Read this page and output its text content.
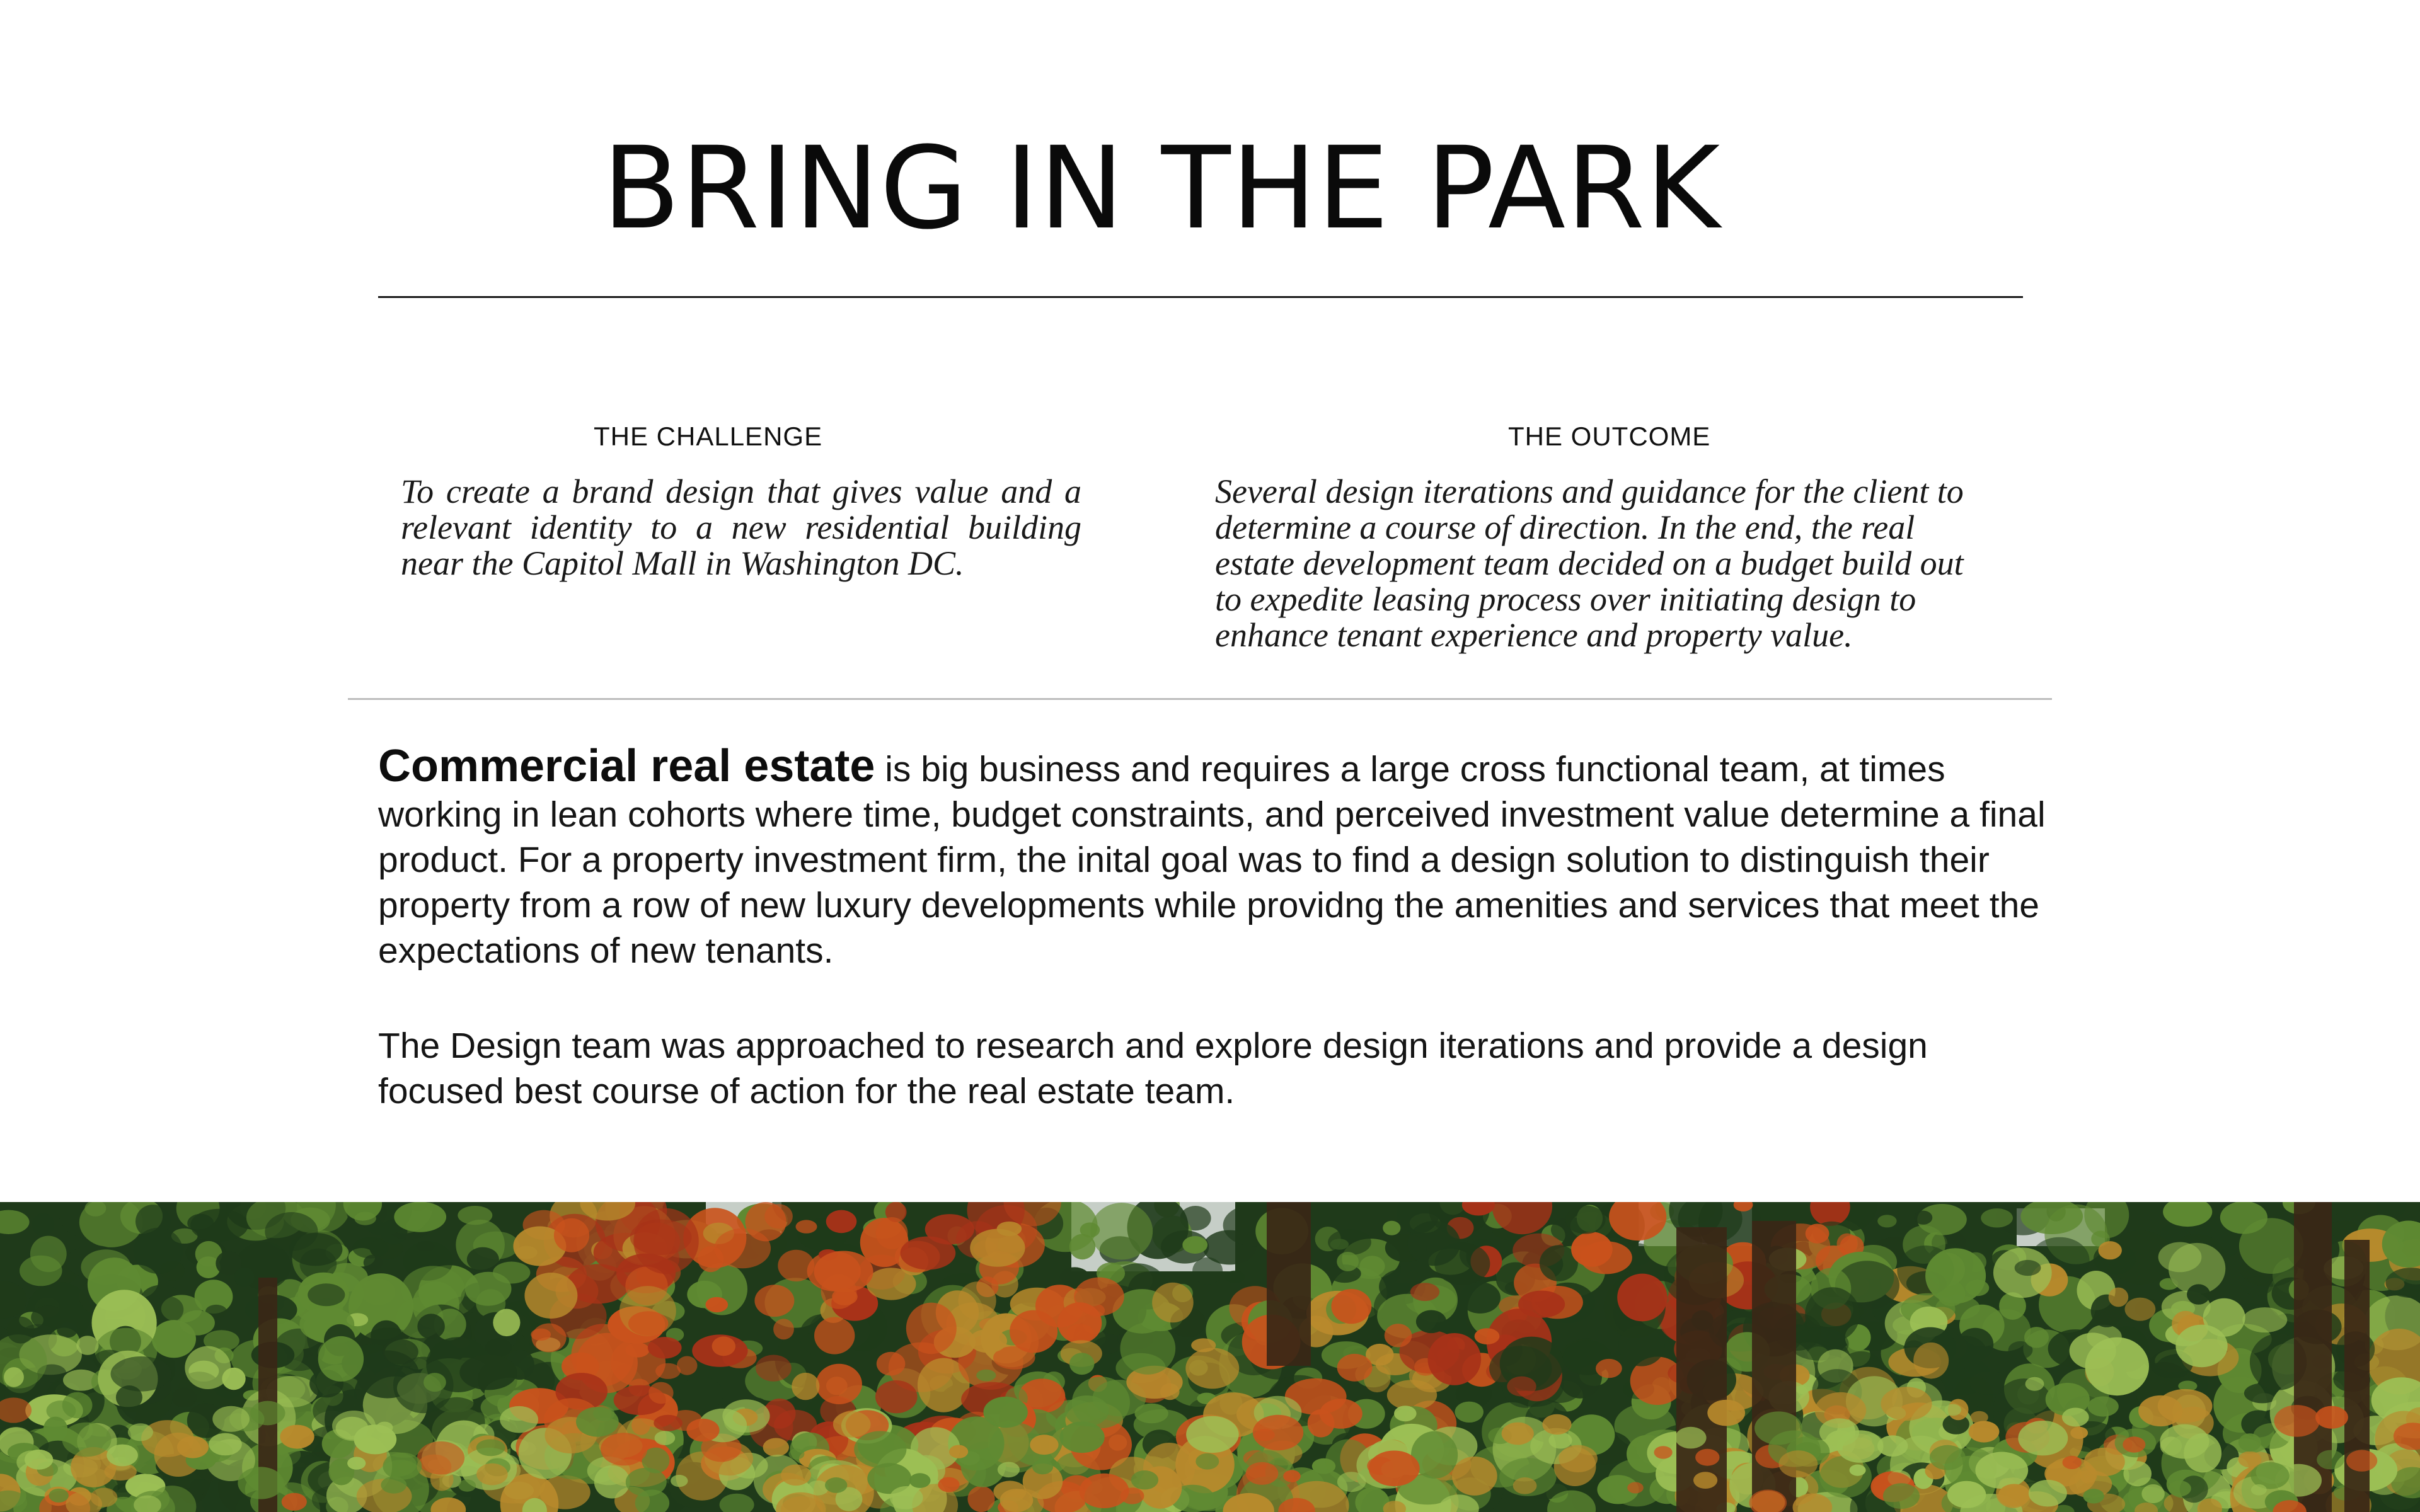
BRING IN THE PARK
THE CHALLENGE

To create a brand design that gives value and a relevant identity to a new residential building near the Capitol Mall in Washington DC.

THE OUTCOME

Several design iterations and guidance for the client to determine a course of direction. In the end, the real estate development team decided on a budget build out to expedite leasing process over initiating design to enhance tenant experience and property value.

Commercial real estate is big business and requires a large cross functional team, at times working in lean cohorts where time, budget constraints, and perceived investment value determine a final product. For a property investment firm, the inital goal was to find a design solution to distinguish their property from a row of new luxury developments while providng the amenities and services that meet the expectations of new tenants.

The Design team was approached to research and explore design iterations and provide a design focused best course of action for the real estate team.
